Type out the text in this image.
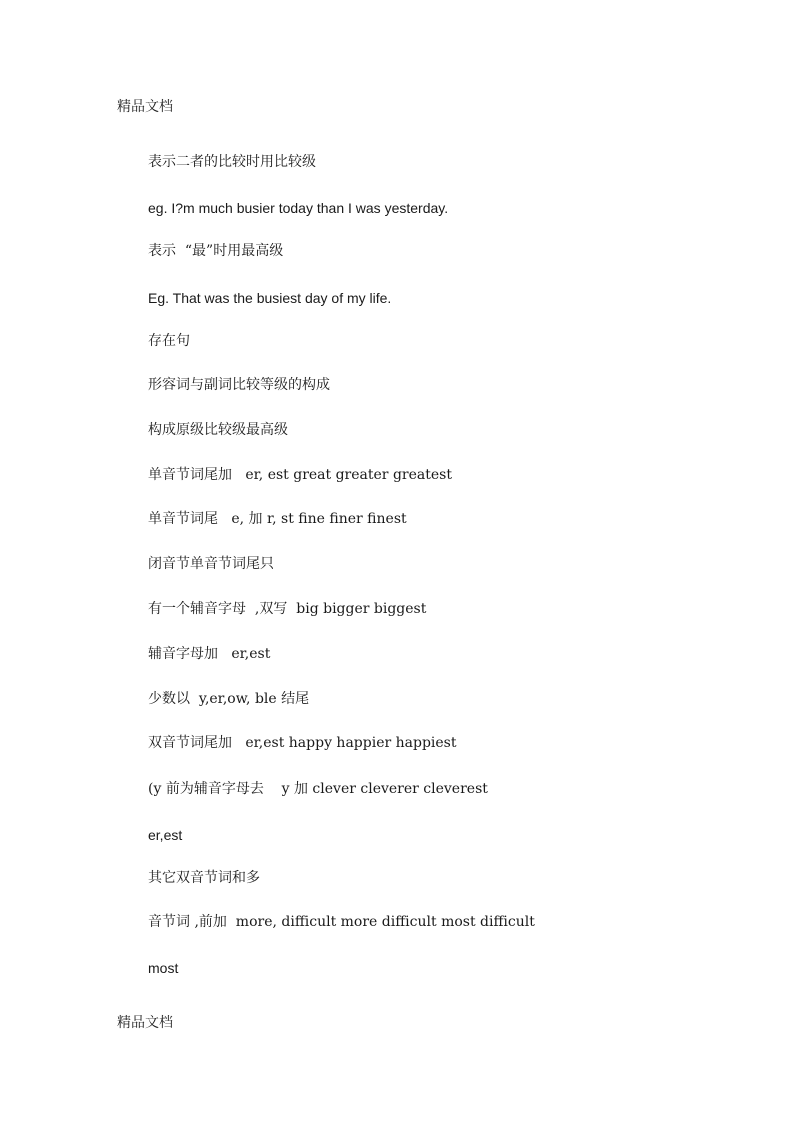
精品文档
表示二者的比较时用比较级
eg. I?m much busier today than I was yesterday.
表示  “最”时用最高级
Eg. That was the busiest day of my life.
存在句
形容词与副词比较等级的构成
构成原级比较级最高级
单音节词尾加   er, est great greater greatest
单音节词尾   e, 加 r, st fine finer finest
闭音节单音节词尾只
有一个辅音字母  ,双写  big bigger biggest
辅音字母加   er,est
少数以  y,er,ow, ble 结尾
双音节词尾加   er,est happy happier happiest
(y 前为辅音字母去    y 加 clever cleverer cleverest
er,est
其它双音节词和多
音节词 ,前加  more, difficult more difficult most difficult
most
精品文档
